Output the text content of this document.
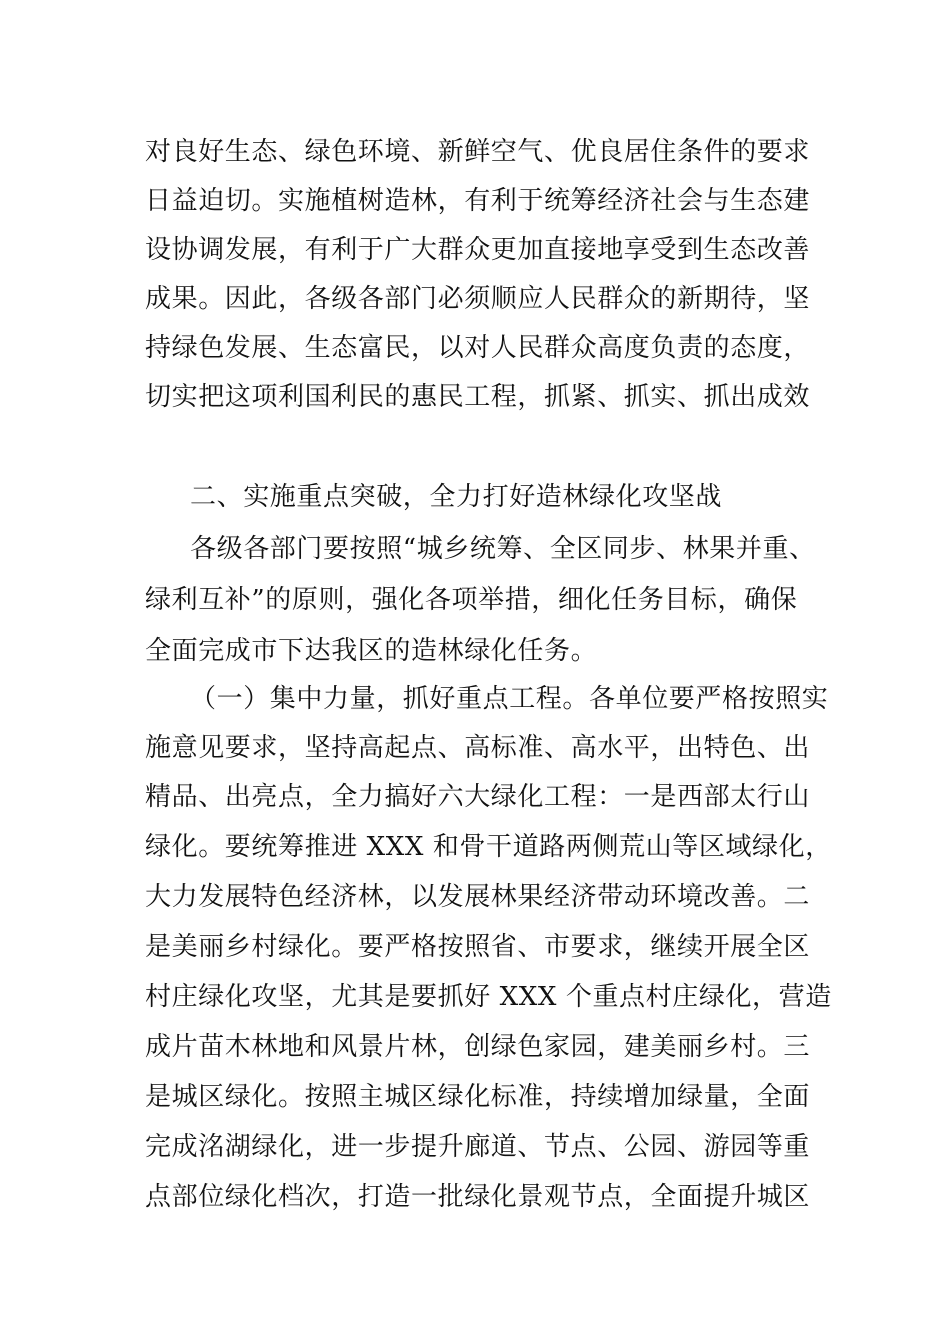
对良好生态、绿色环境、新鲜空气、优良居住条件的要求
日益迫切。实施植树造林，有利于统筹经济社会与生态建
设协调发展，有利于广大群众更加直接地享受到生态改善
成果。因此，各级各部门必须顺应人民群众的新期待，坚
持绿色发展、生态富民，以对人民群众高度负责的态度，
切实把这项利国利民的惠民工程，抓紧、抓实、抓出成效
二、实施重点突破，全力打好造林绿化攻坚战
各级各部门要按照“城乡统筹、全区同步、林果并重、
绿利互补”的原则，强化各项举措，细化任务目标，确保
全面完成市下达我区的造林绿化任务。
（一）集中力量，抓好重点工程。各单位要严格按照实
施意见要求，坚持高起点、高标准、高水平，出特色、出
精品、出亮点，全力搞好六大绿化工程：一是西部太行山
绿化。要统筹推进 XXX 和骨干道路两侧荒山等区域绿化，
大力发展特色经济林，以发展林果经济带动环境改善。二
是美丽乡村绿化。要严格按照省、市要求，继续开展全区
村庄绿化攻坚，尤其是要抓好 XXX 个重点村庄绿化，营造
成片苗木林地和风景片林，创绿色家园，建美丽乡村。三
是城区绿化。按照主城区绿化标准，持续增加绿量，全面
完成洺湖绿化，进一步提升廊道、节点、公园、游园等重
点部位绿化档次，打造一批绿化景观节点，全面提升城区
